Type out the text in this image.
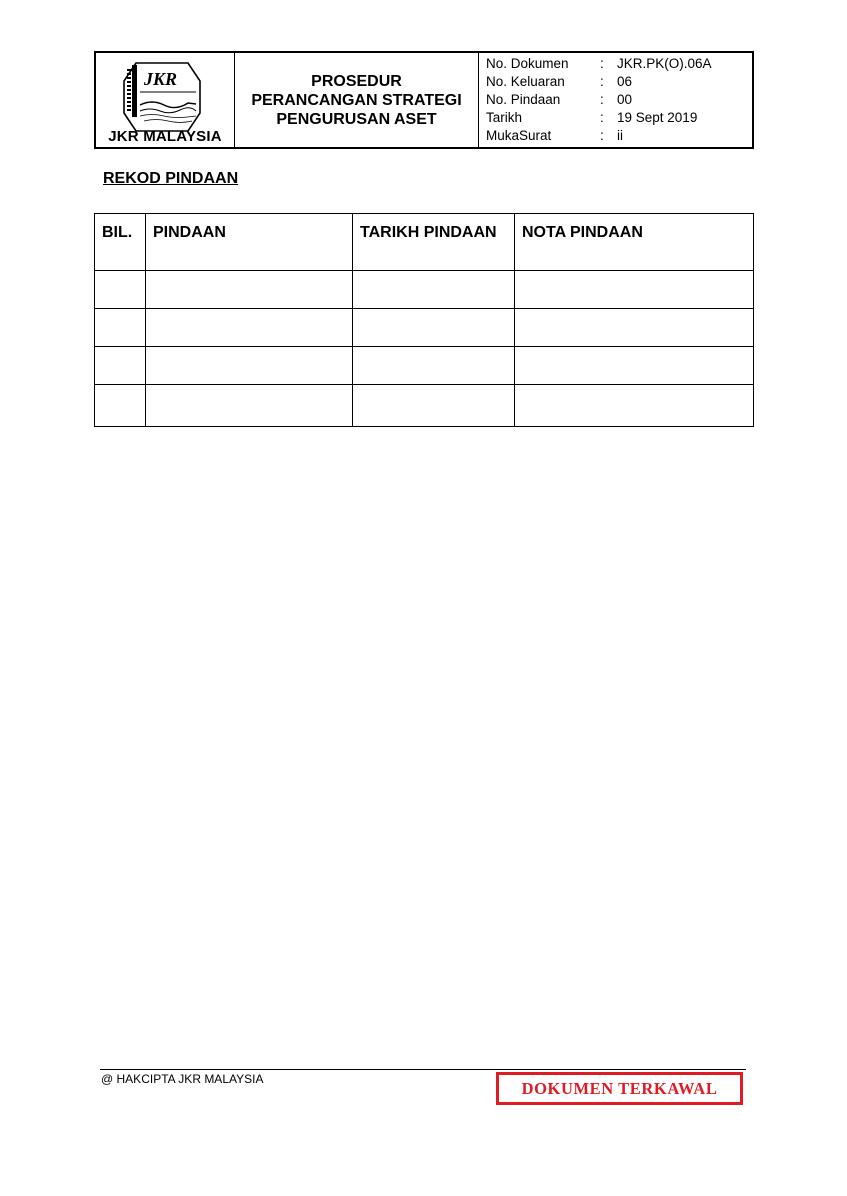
JKR
JKR MALAYSIA
PROSEDUR
PERANCANGAN STRATEGI
PENGURUSAN ASET
No. Dokumen	: JKR.PK(O).06A
No. Keluaran	: 06
No. Pindaan	: 00
Tarikh	: 19 Sept 2019
MukaSurat	: ii
REKOD PINDAAN
BIL.	PINDAAN	TARIKH PINDAAN	NOTA PINDAAN

@ HAKCIPTA JKR MALAYSIA	DOKUMEN TERKAWAL
